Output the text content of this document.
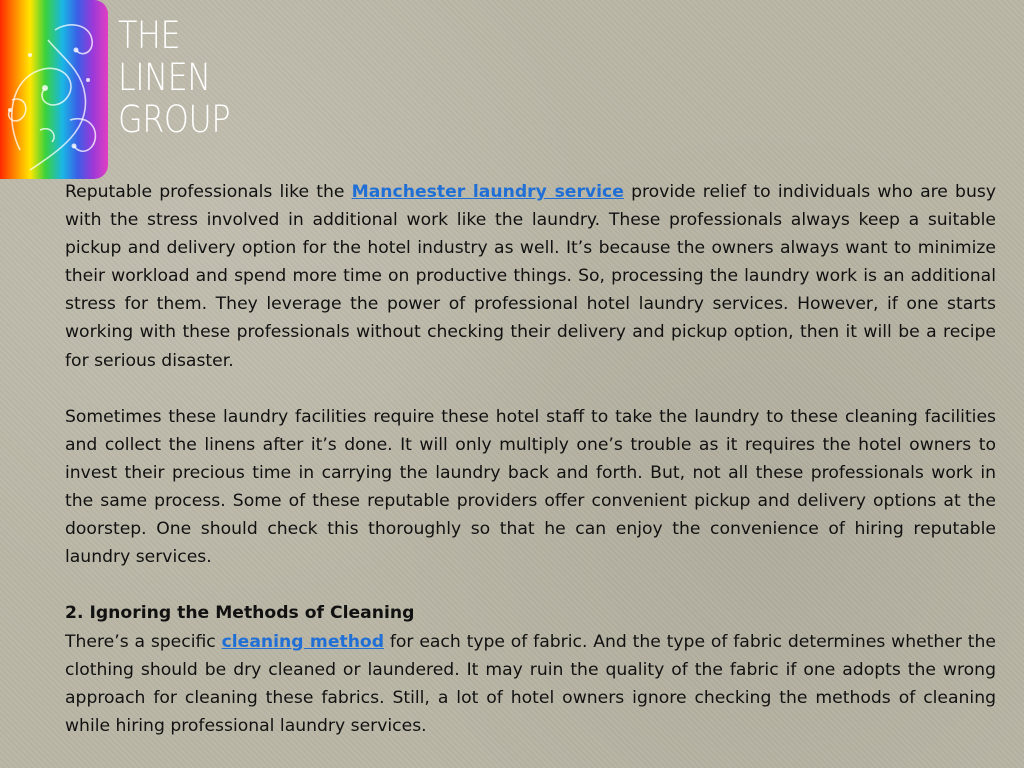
THE
LINEN
GROUP

Reputable professionals like the Manchester laundry service provide relief to individuals who are busy with the stress involved in additional work like the laundry. These professionals always keep a suitable pickup and delivery option for the hotel industry as well. It’s because the owners always want to minimize their workload and spend more time on productive things. So, processing the laundry work is an additional stress for them. They leverage the power of professional hotel laundry services. However, if one starts working with these professionals without checking their delivery and pickup option, then it will be a recipe for serious disaster.

Sometimes these laundry facilities require these hotel staff to take the laundry to these cleaning facilities and collect the linens after it’s done. It will only multiply one’s trouble as it requires the hotel owners to invest their precious time in carrying the laundry back and forth. But, not all these professionals work in the same process. Some of these reputable providers offer convenient pickup and delivery options at the doorstep. One should check this thoroughly so that he can enjoy the convenience of hiring reputable laundry services.

2. Ignoring the Methods of Cleaning

There’s a specific cleaning method for each type of fabric. And the type of fabric determines whether the clothing should be dry cleaned or laundered. It may ruin the quality of the fabric if one adopts the wrong approach for cleaning these fabrics. Still, a lot of hotel owners ignore checking the methods of cleaning while hiring professional laundry services.
